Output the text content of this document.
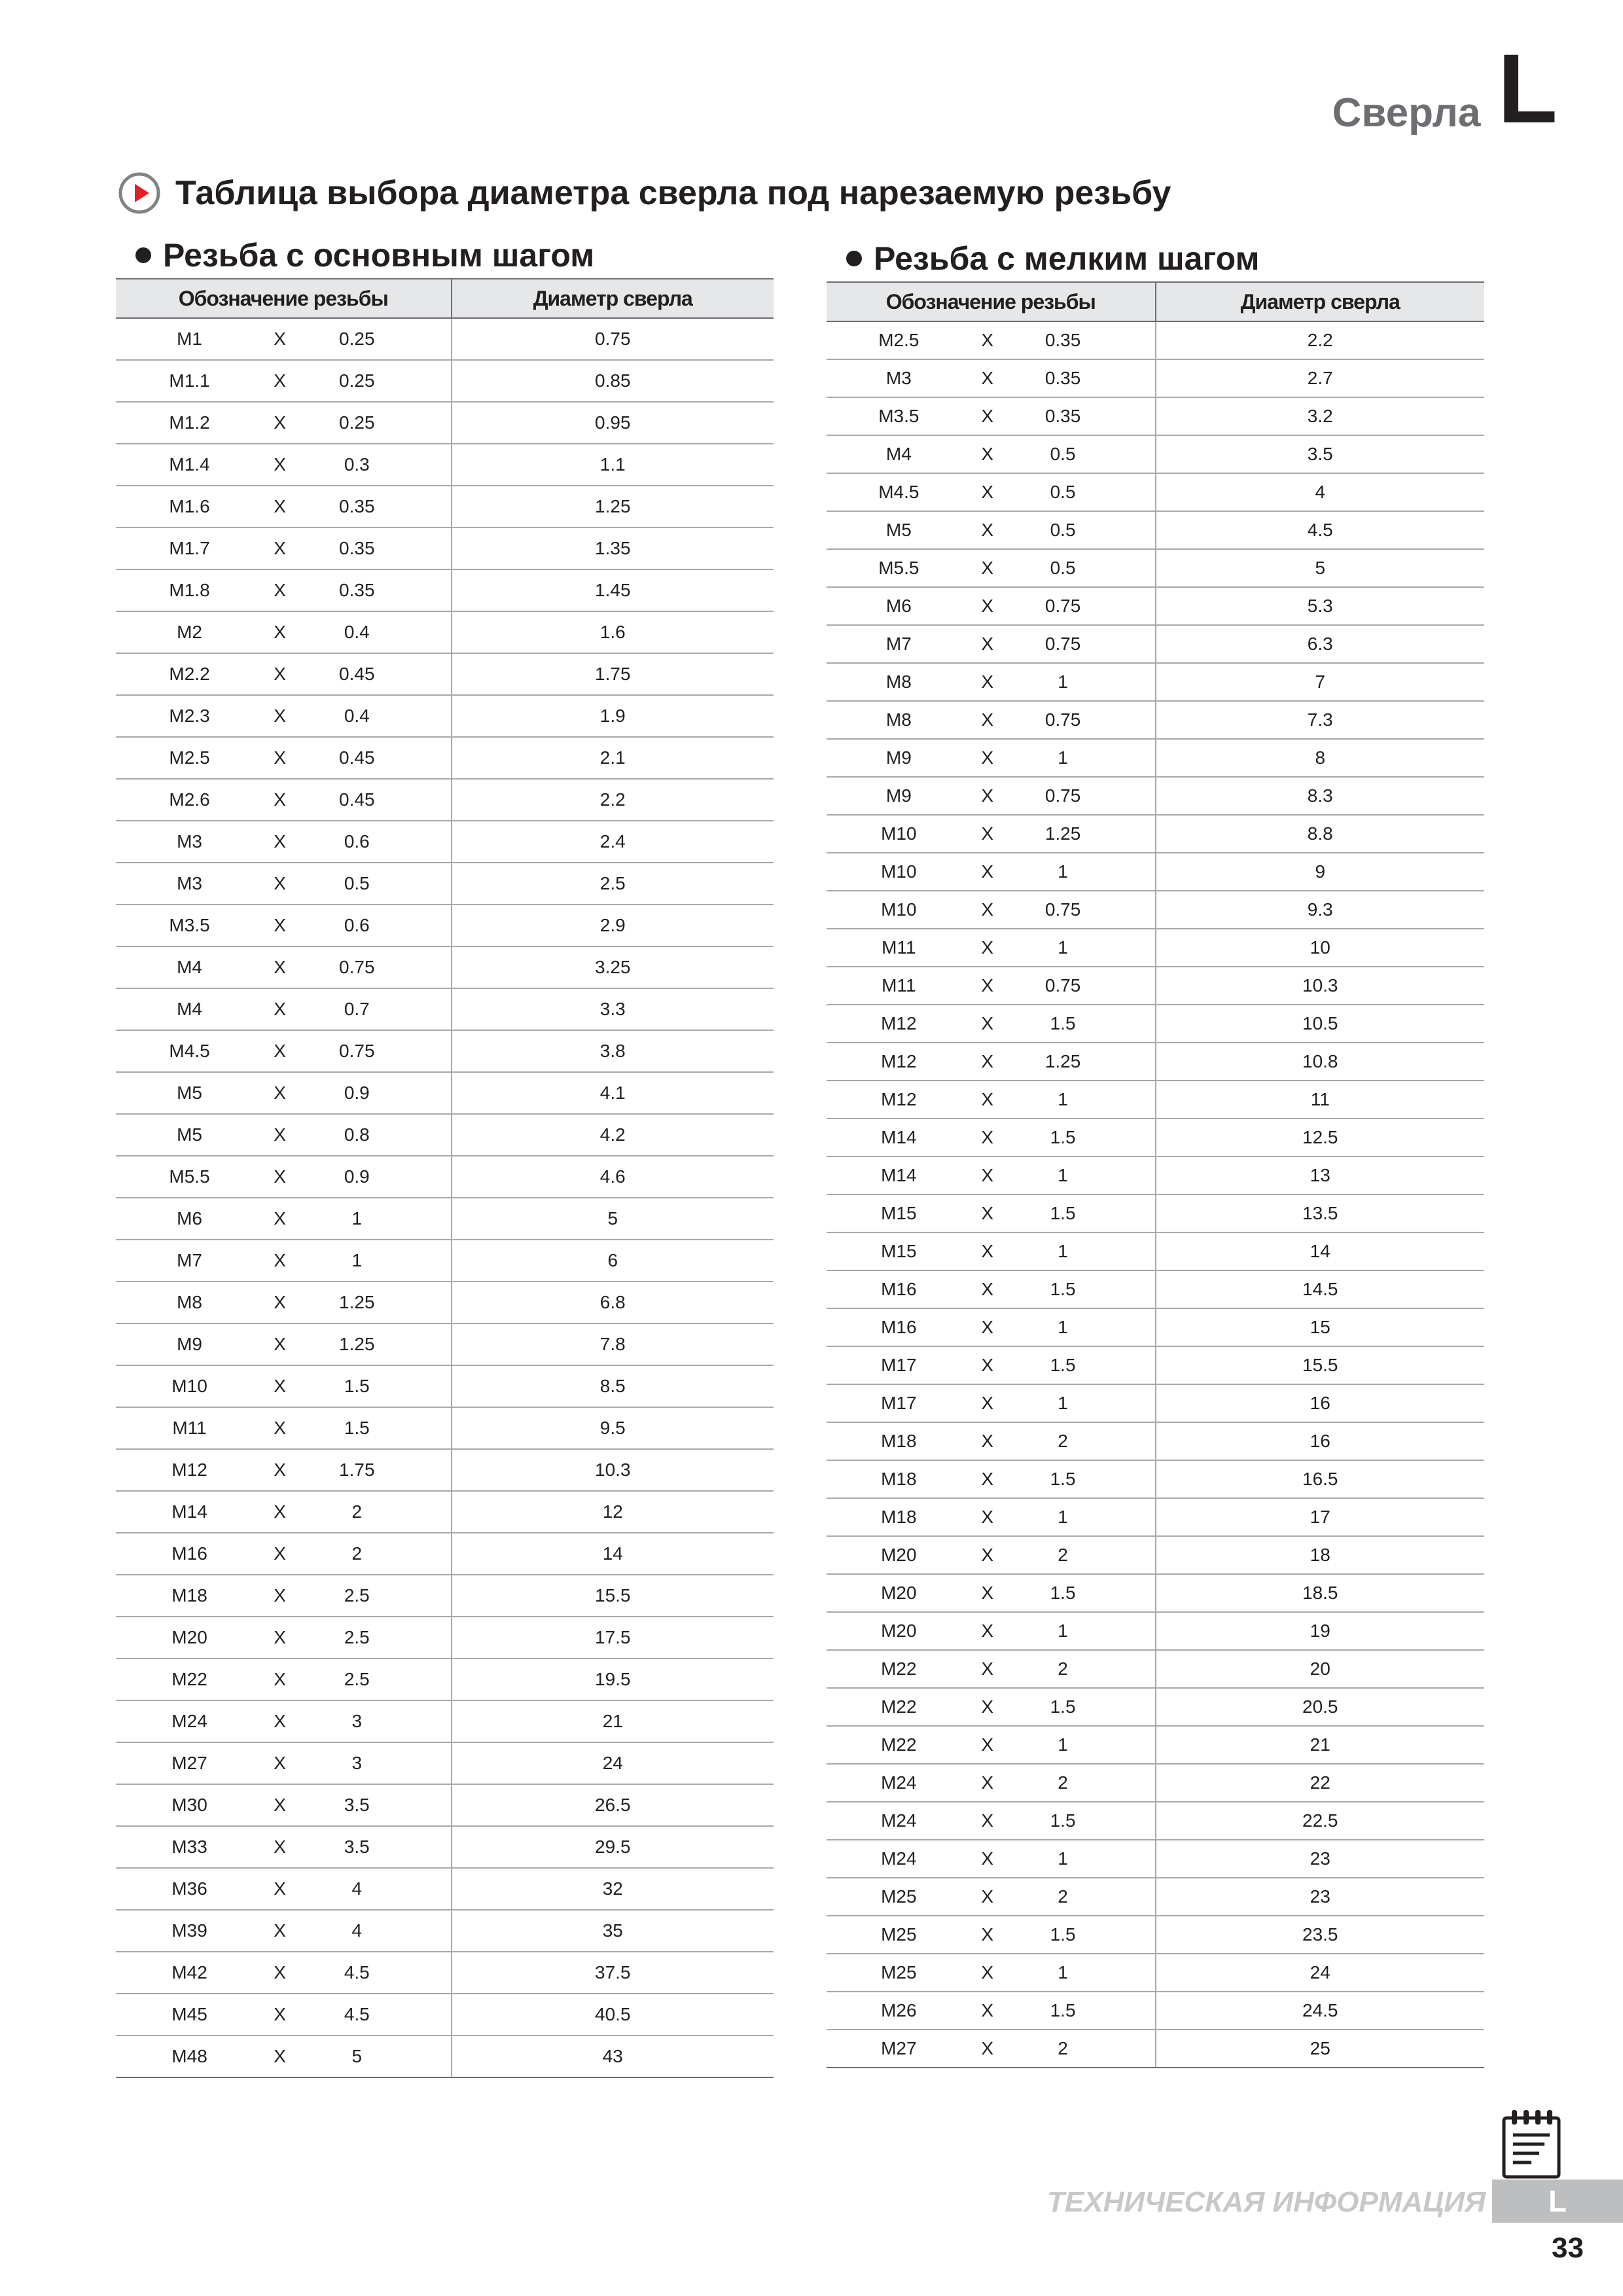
Сверла L
Таблица выбора диаметра сверла под нарезаемую резьбу
Резьба с основным шагом
Обозначение резьбы	Диаметр сверла

M1 X 0.25	0.75

M1.1 X 0.25	0.85

M1.2 X 0.25	0.95

M1.4 X 0.3	1.1

M1.6 X 0.35	1.25

M1.7 X 0.35	1.35

M1.8 X 0.35	1.45

M2 X 0.4	1.6

M2.2 X 0.45	1.75

M2.3 X 0.4	1.9

M2.5 X 0.45	2.1

M2.6 X 0.45	2.2

M3 X 0.6	2.4

M3 X 0.5	2.5

M3.5 X 0.6	2.9

M4 X 0.75	3.25

M4 X 0.7	3.3

M4.5 X 0.75	3.8

M5 X 0.9	4.1

M5 X 0.8	4.2

M5.5 X 0.9	4.6

M6 X 1	5

M7 X 1	6

M8 X 1.25	6.8

M9 X 1.25	7.8

M10 X 1.5	8.5

M11 X 1.5	9.5

M12 X 1.75	10.3

M14 X 2	12

M16 X 2	14

M18 X 2.5	15.5

M20 X 2.5	17.5

M22 X 2.5	19.5

M24 X 3	21

M27 X 3	24

M30 X 3.5	26.5

M33 X 3.5	29.5

M36 X 4	32

M39 X 4	35

M42 X 4.5	37.5

M45 X 4.5	40.5

M48 X 5	43
Резьба с мелким шагом
Обозначение резьбы	Диаметр сверла

M2.5 X 0.35	2.2

M3 X 0.35	2.7

M3.5 X 0.35	3.2

M4 X 0.5	3.5

M4.5 X 0.5	4

M5 X 0.5	4.5

M5.5 X 0.5	5

M6 X 0.75	5.3

M7 X 0.75	6.3

M8 X 1	7

M8 X 0.75	7.3

M9 X 1	8

M9 X 0.75	8.3

M10 X 1.25	8.8

M10 X 1	9

M10 X 0.75	9.3

M11 X 1	10

M11 X 0.75	10.3

M12 X 1.5	10.5

M12 X 1.25	10.8

M12 X 1	11

M14 X 1.5	12.5

M14 X 1	13

M15 X 1.5	13.5

M15 X 1	14

M16 X 1.5	14.5

M16 X 1	15

M17 X 1.5	15.5

M17 X 1	16

M18 X 2	16

M18 X 1.5	16.5

M18 X 1	17

M20 X 2	18

M20 X 1.5	18.5

M20 X 1	19

M22 X 2	20

M22 X 1.5	20.5

M22 X 1	21

M24 X 2	22

M24 X 1.5	22.5

M24 X 1	23

M25 X 2	23

M25 X 1.5	23.5

M25 X 1	24

M26 X 1.5	24.5

M27 X 2	25
ТЕХНИЧЕСКАЯ ИНФОРМАЦИЯ	L
33
